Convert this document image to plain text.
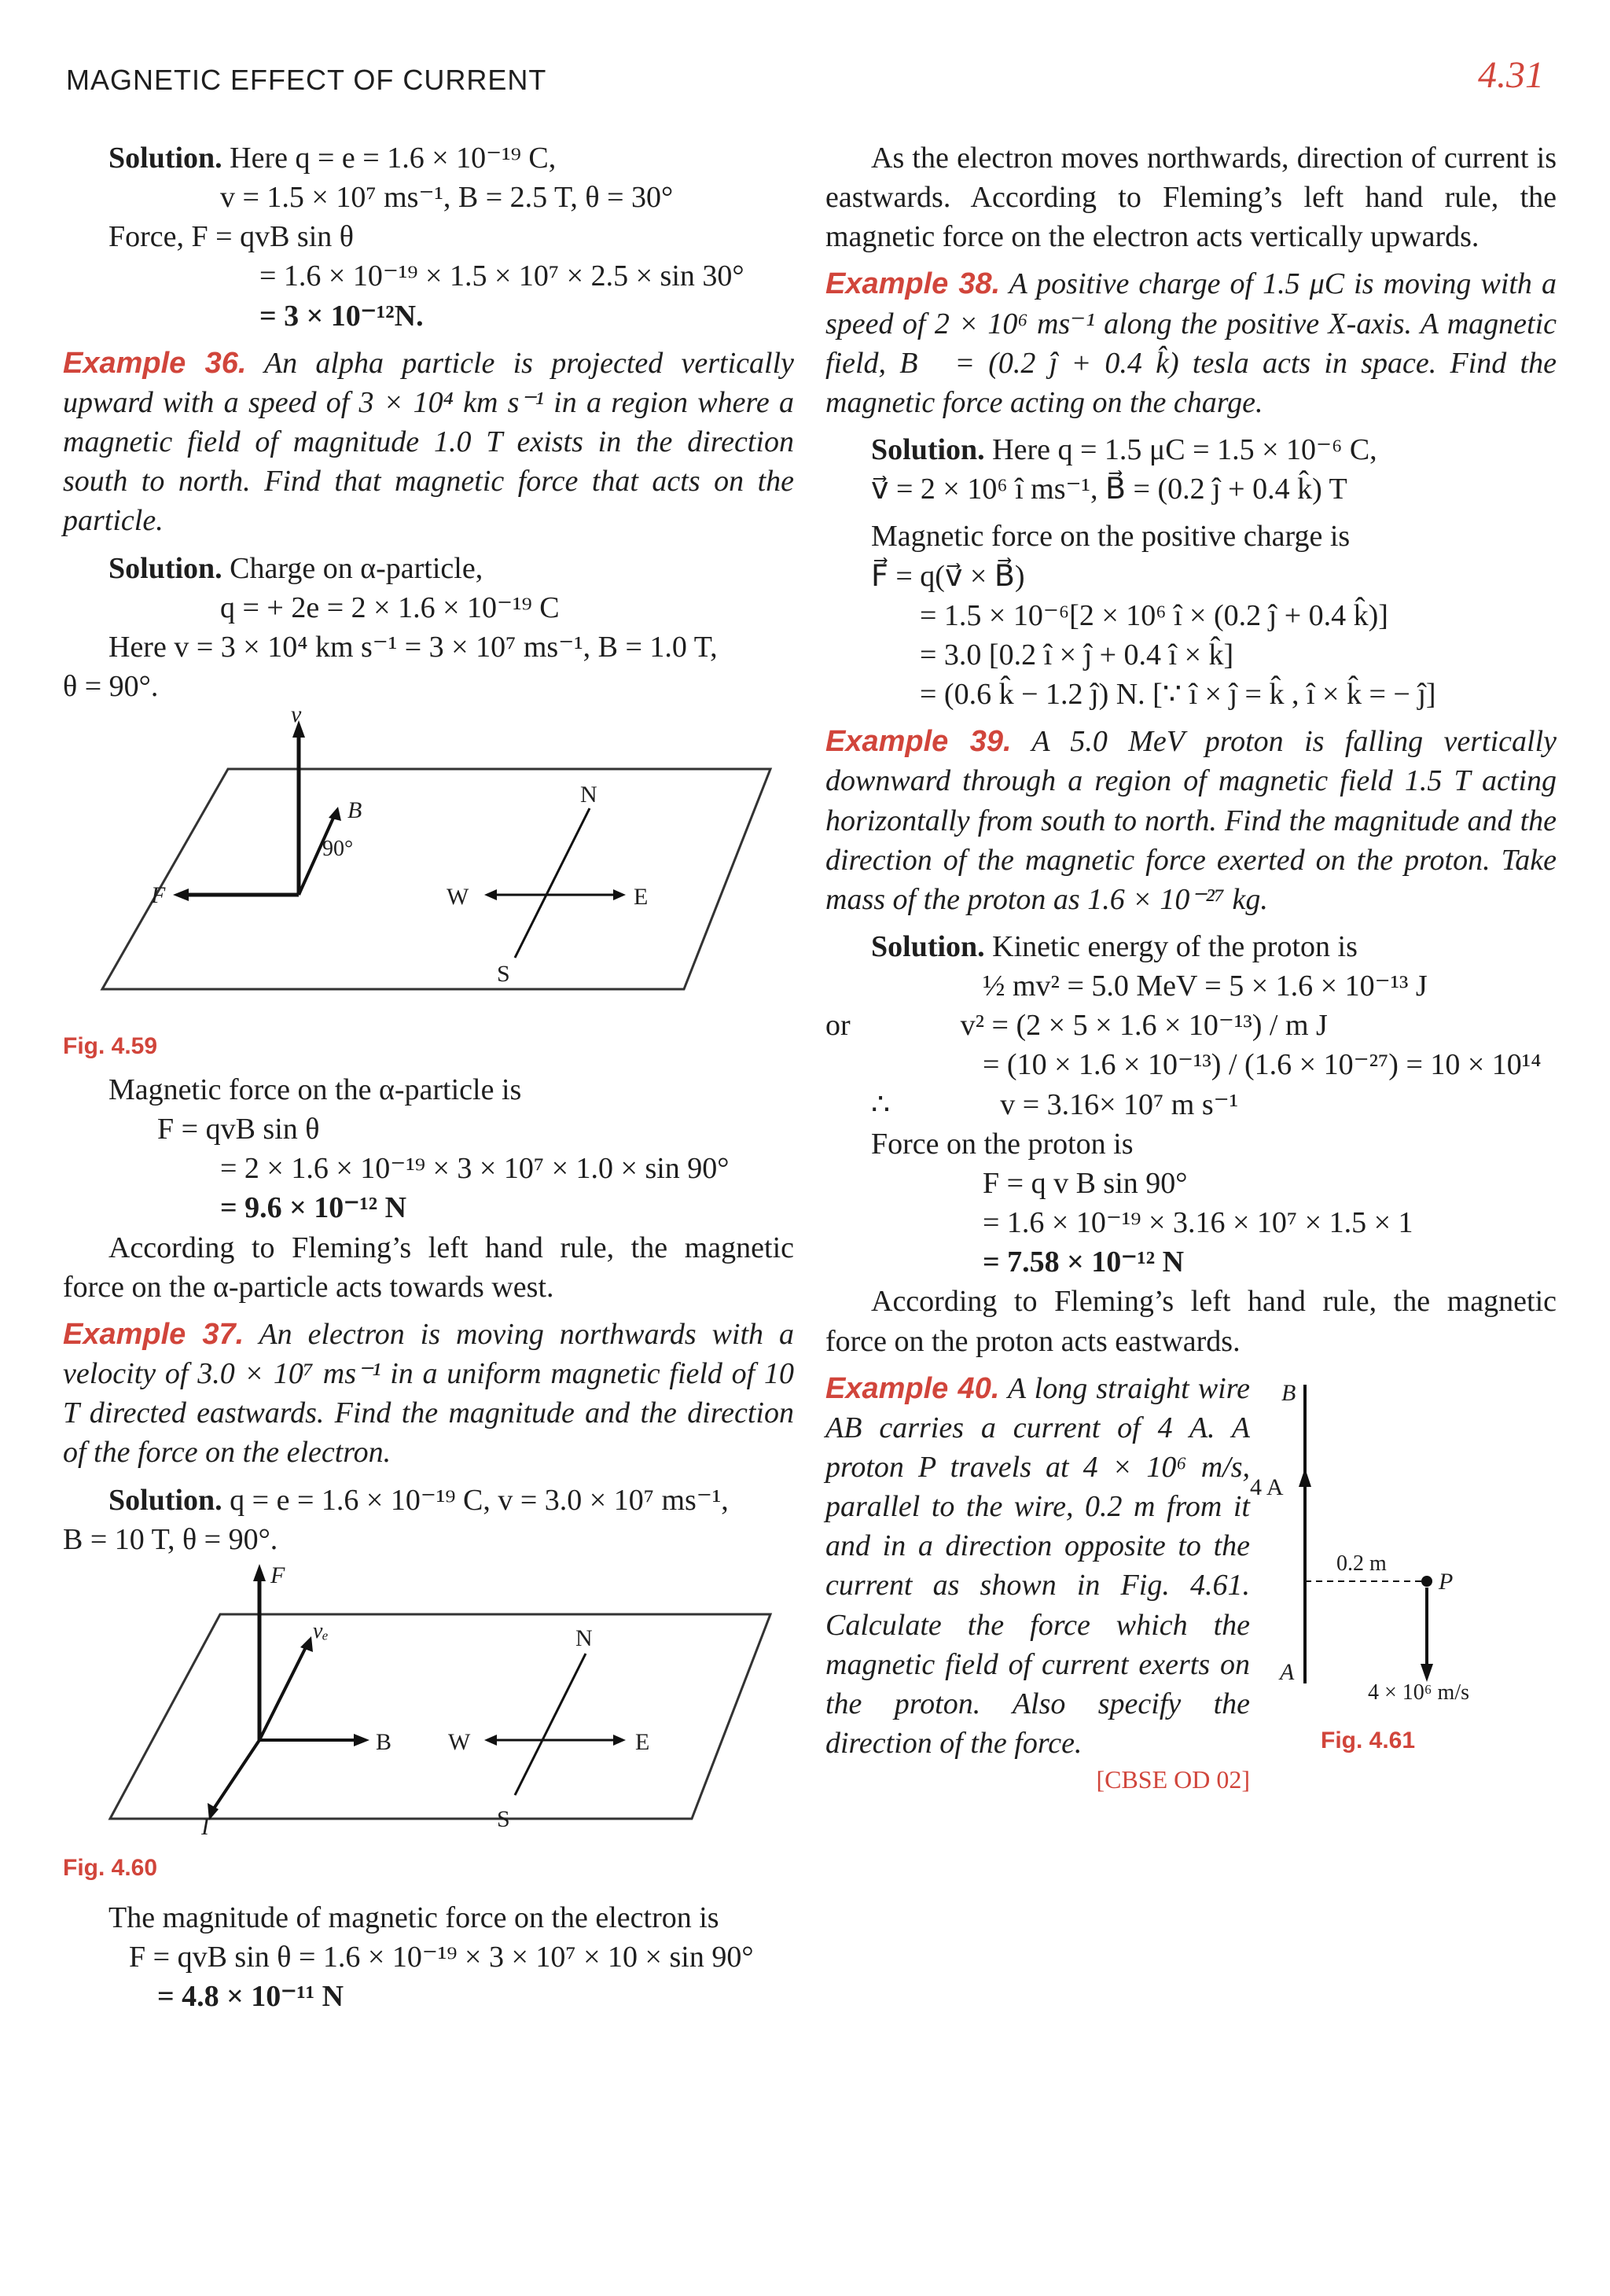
MAGNETIC EFFECT OF CURRENT	4.31

Solution. Here q = e = 1.6 × 10⁻¹⁹ C,

v = 1.5 × 10⁷ ms⁻¹, B = 2.5 T, θ = 30°

Force, F = qvB sin θ

= 1.6 × 10⁻¹⁹ × 1.5 × 10⁷ × 2.5 × sin 30°

= 3 × 10⁻¹²N.

Example 36. An alpha particle is projected vertically upward with a speed of 3 × 10⁴ km s⁻¹ in a region where a magnetic field of magnitude 1.0 T exists in the direction south to north. Find that magnetic force that acts on the particle.

Solution. Charge on α-particle,

q = + 2e = 2 × 1.6 × 10⁻¹⁹ C

Here v = 3 × 10⁴ km s⁻¹ = 3 × 10⁷ ms⁻¹, B = 1.0 T,

θ = 90°.

v
B
90°
F	W	E
N
S

Fig. 4.59

Magnetic force on the α-particle is

F = qvB sin θ

= 2 × 1.6 × 10⁻¹⁹ × 3 × 10⁷ × 1.0 × sin 90°

= 9.6 × 10⁻¹² N

According to Fleming’s left hand rule, the magnetic force on the α-particle acts towards west.

Example 37. An electron is moving northwards with a velocity of 3.0 × 10⁷ ms⁻¹ in a uniform magnetic field of 10 T directed eastwards. Find the magnitude and the direction of the force on the electron.

Solution. q = e = 1.6 × 10⁻¹⁹ C, v = 3.0 × 10⁷ ms⁻¹,

B = 10 T, θ = 90°.

F
vₑ
B
I
W	E
N
S

Fig. 4.60

The magnitude of magnetic force on the electron is

F = qvB sin θ = 1.6 × 10⁻¹⁹ × 3 × 10⁷ × 10 × sin 90°

= 4.8 × 10⁻¹¹ N

As the electron moves northwards, direction of current is eastwards. According to Fleming’s left hand rule, the magnetic force on the electron acts vertically upwards.

Example 38. A positive charge of 1.5 μC is moving with a speed of 2 × 10⁶ ms⁻¹ along the positive X-axis. A magnetic field, B⃗ = (0.2 ĵ + 0.4 k̂) tesla acts in space. Find the magnetic force acting on the charge.

Solution. Here q = 1.5 μC = 1.5 × 10⁻⁶ C,

v⃗ = 2 × 10⁶ î ms⁻¹, B⃗ = (0.2 ĵ + 0.4 k̂) T

Magnetic force on the positive charge is

F⃗ = q(v⃗ × B⃗)

= 1.5 × 10⁻⁶[2 × 10⁶ î × (0.2 ĵ + 0.4 k̂)]

= 3.0 [0.2 î × ĵ + 0.4 î × k̂]

= (0.6 k̂ − 1.2 ĵ) N. [∵ î × ĵ = k̂ , î × k̂ = − ĵ]

Example 39. A 5.0 MeV proton is falling vertically downward through a region of magnetic field 1.5 T acting horizontally from south to north. Find the magnitude and the direction of the magnetic force exerted on the proton. Take mass of the proton as 1.6 × 10⁻²⁷ kg.

Solution. Kinetic energy of the proton is

½ mv² = 5.0 MeV = 5 × 1.6 × 10⁻¹³ J

or	v² = (2 × 5 × 1.6 × 10⁻¹³) / m J

= (10 × 1.6 × 10⁻¹³) / (1.6 × 10⁻²⁷) = 10 × 10¹⁴

∴	v = 3.16× 10⁷ m s⁻¹

Force on the proton is

F = q v B sin 90°

= 1.6 × 10⁻¹⁹ × 3.16 × 10⁷ × 1.5 × 1

= 7.58 × 10⁻¹² N

According to Fleming’s left hand rule, the magnetic force on the proton acts eastwards.

Example 40. A long straight wire AB carries a current of 4 A. A proton P travels at 4 × 10⁶ m/s, parallel to the wire, 0.2 m from it and in a direction opposite to the current as shown in Fig. 4.61. Calculate the force which the magnetic field of current exerts on the proton. Also specify the direction of the force.

[CBSE OD 02]

B
A
4 A
0.2 m
P
4 × 10⁶ m/s

Fig. 4.61
